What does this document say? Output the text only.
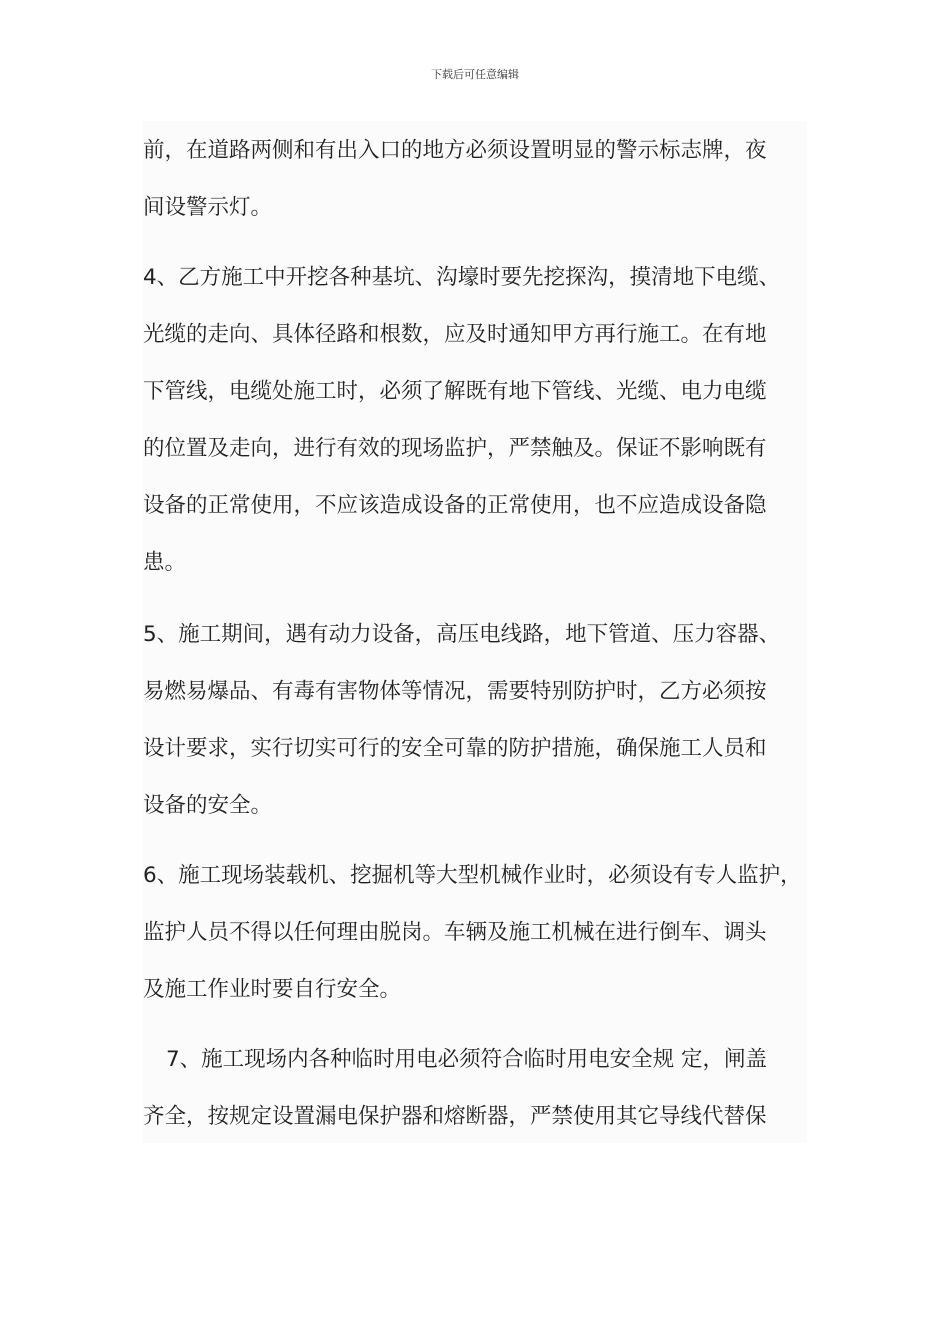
下载后可任意编辑
前，在道路两侧和有出入口的地方必须设置明显的警示标志牌，夜
间设警示灯。
4、乙方施工中开挖各种基坑、沟壕时要先挖探沟，摸清地下电缆、
光缆的走向、具体径路和根数，应及时通知甲方再行施工。在有地
下管线，电缆处施工时，必须了解既有地下管线、光缆、电力电缆
的位置及走向，进行有效的现场监护，严禁触及。保证不影响既有
设备的正常使用，不应该造成设备的正常使用，也不应造成设备隐
患。
5、施工期间，遇有动力设备，高压电线路，地下管道、压力容器、
易燃易爆品、有毒有害物体等情况，需要特别防护时，乙方必须按
设计要求，实行切实可行的安全可靠的防护措施，确保施工人员和
设备的安全。
6、施工现场装载机、挖掘机等大型机械作业时，必须设有专人监护，
监护人员不得以任何理由脱岗。车辆及施工机械在进行倒车、调头
及施工作业时要自行安全。
7、施工现场内各种临时用电必须符合临时用电安全规 定，闸盖
齐全，按规定设置漏电保护器和熔断器，严禁使用其它导线代替保
